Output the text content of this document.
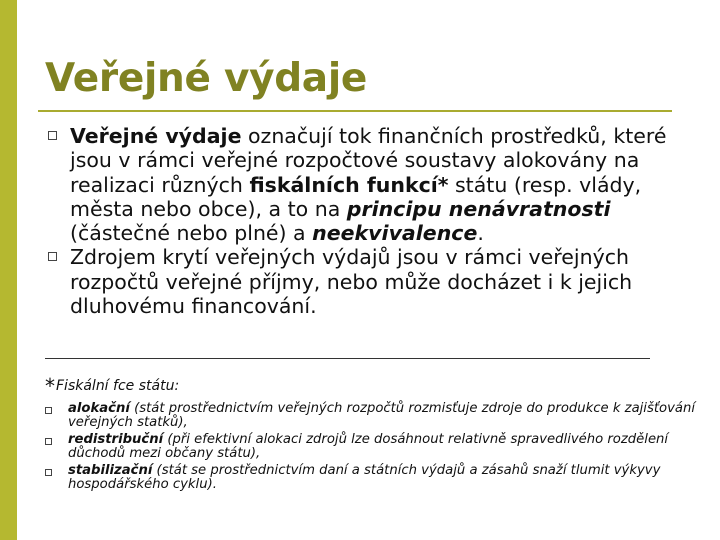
Veřejné výdaje
Veřejné výdaje označují tok finančních prostředků, které jsou v rámci veřejné rozpočtové soustavy alokovány na realizaci různých fiskálních funkcí* státu (resp. vlády, města nebo obce), a to na principu nenávratnosti (částečné nebo plné) a neekvivalence.
Zdrojem krytí veřejných výdajů jsou v rámci veřejných rozpočtů veřejné příjmy, nebo může docházet i k jejich dluhovému financování.
*Fiskální fce státu:
alokační (stát prostřednictvím veřejných rozpočtů rozmisťuje zdroje do produkce k zajišťování veřejných statků),
redistribuční (při efektivní alokaci zdrojů lze dosáhnout relativně spravedlivého rozdělení důchodů mezi občany státu),
stabilizační (stát se prostřednictvím daní a státních výdajů a zásahů snaží tlumit výkyvy hospodářského cyklu).
